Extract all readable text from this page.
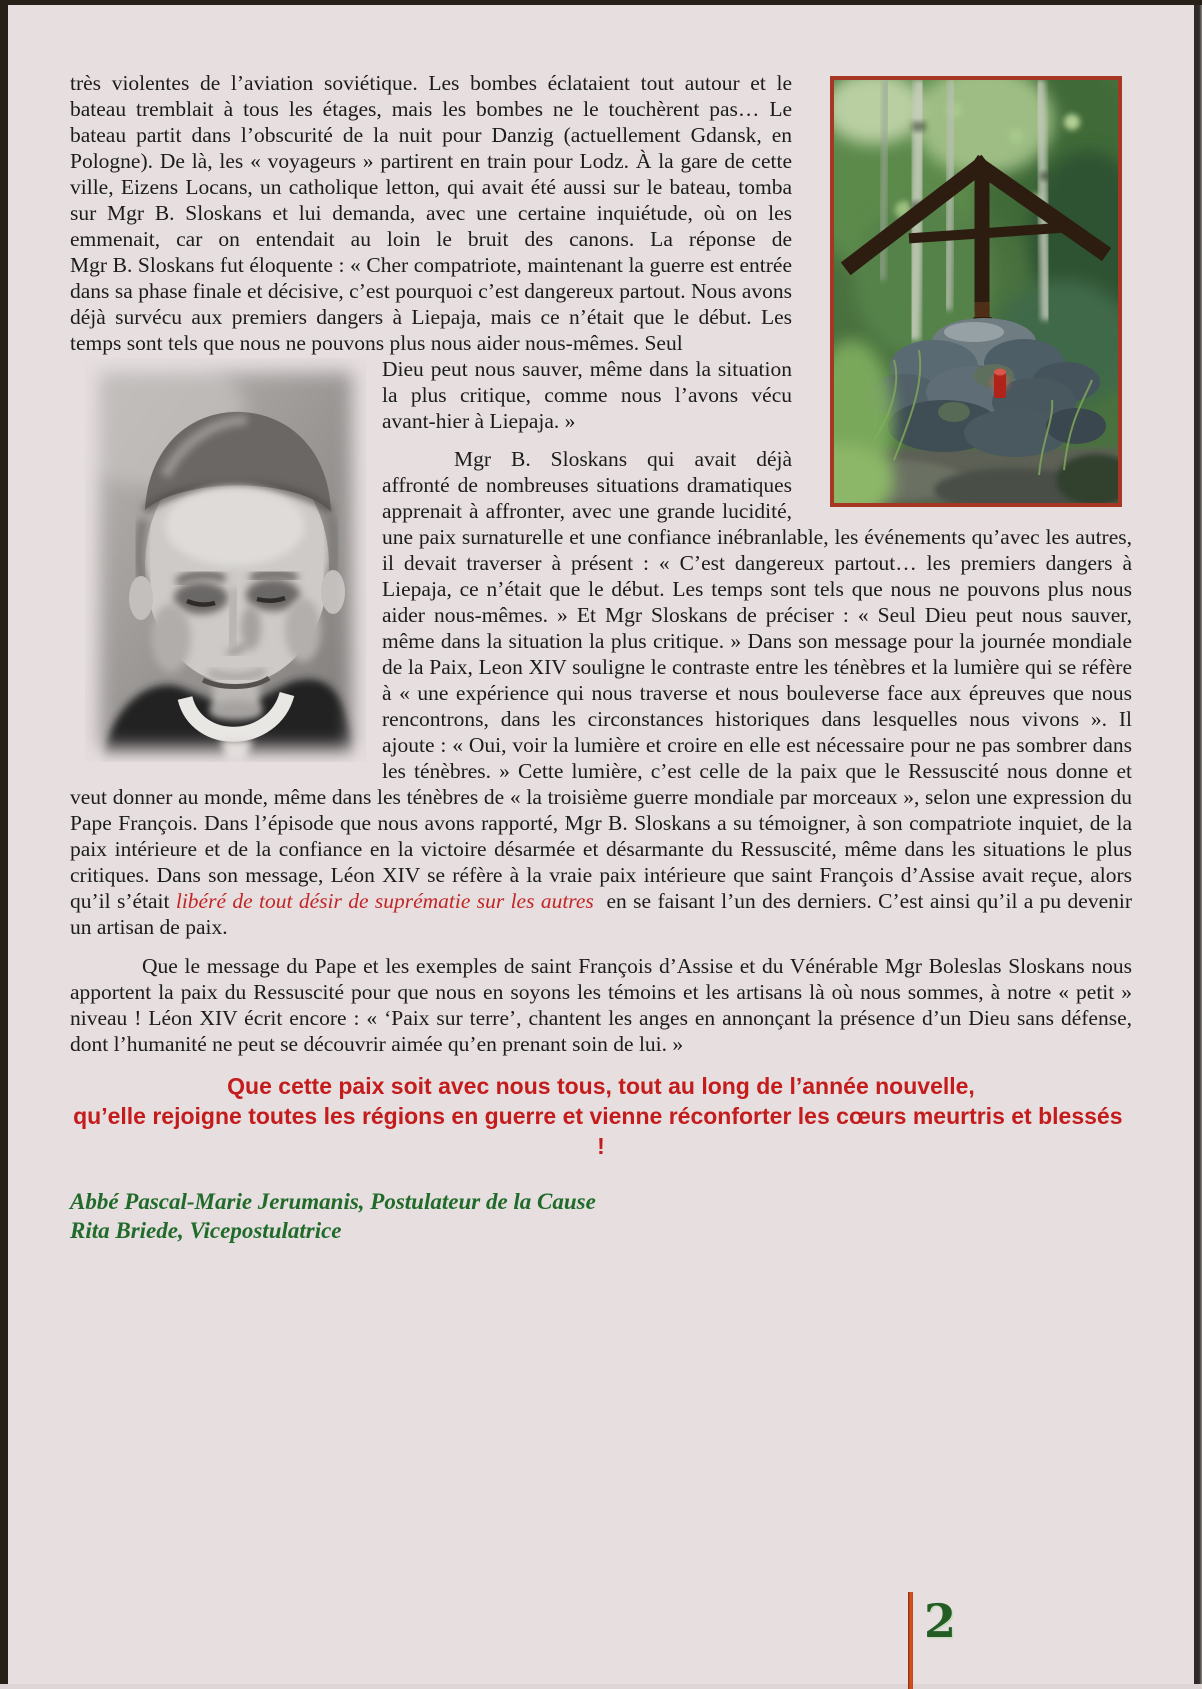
très violentes de l’aviation soviétique. Les bombes éclataient tout autour et le bateau tremblait à tous les étages, mais les bombes ne le touchèrent pas… Le bateau partit dans l’obscurité de la nuit pour Danzig (actuellement Gdansk, en Pologne). De là, les « voyageurs » partirent en train pour Lodz. À la gare de cette ville, Eizens Locans, un catholique letton, qui avait été aussi sur le bateau, tomba sur Mgr B. Sloskans et lui demanda, avec une certaine inquiétude, où on les emmenait, car on entendait au loin le bruit des canons. La réponse de Mgr B. Sloskans fut éloquente : « Cher compatriote, maintenant la guerre est entrée dans sa phase finale et décisive, c’est pourquoi c’est dangereux partout. Nous avons déjà survécu aux premiers dangers à Liepaja, mais ce n’était que le début. Les temps sont tels que nous ne pouvons plus nous aider nous-mêmes. Seul

Dieu peut nous sauver, même dans la situation la plus critique, comme nous l’avons vécu avant-hier à Liepaja. »

Mgr B. Sloskans qui avait déjà affronté de nombreuses situations dramatiques apprenait à affronter, avec une grande lucidité, une paix surnaturelle et une confiance inébranlable, les événements qu’avec les autres, il devait traverser à présent : « C’est dangereux partout… les premiers dangers à Liepaja, ce n’était que le début. Les temps sont tels que nous ne pouvons plus nous aider nous-mêmes. » Et Mgr Sloskans de préciser : « Seul Dieu peut nous sauver, même dans la situation la plus critique. » Dans son message pour la journée mondiale de la Paix, Leon XIV souligne le contraste entre les ténèbres et la lumière qui se réfère à « une expérience qui nous traverse et nous bouleverse face aux épreuves que nous rencontrons, dans les circonstances historiques dans lesquelles nous vivons ». Il ajoute : « Oui, voir la lumière et croire en elle est nécessaire pour ne pas sombrer dans les ténèbres. » Cette lumière, c’est celle de la paix que le Ressuscité nous donne et veut donner au monde, même dans les ténèbres de « la troisième guerre mondiale par morceaux », selon une expression du Pape François. Dans l’épisode que nous avons rapporté, Mgr B. Sloskans a su témoigner, à son compatriote inquiet, de la paix intérieure et de la confiance en la victoire désarmée et désarmante du Ressuscité, même dans les situations le plus critiques. Dans son message, Léon XIV se réfère à la vraie paix intérieure que saint François d’Assise avait reçue, alors qu’il s’était libéré de tout désir de suprématie sur les autres  en se faisant l’un des derniers. C’est ainsi qu’il a pu devenir un artisan de paix.

Que le message du Pape et les exemples de saint François d’Assise et du Vénérable Mgr Boleslas Sloskans nous apportent la paix du Ressuscité pour que nous en soyons les témoins et les artisans là où nous sommes, à notre « petit » niveau ! Léon XIV écrit encore : « ‘Paix sur terre’, chantent les anges en annonçant la présence d’un Dieu sans défense, dont l’humanité ne peut se découvrir aimée qu’en prenant soin de lui. »

Que cette paix soit avec nous tous, tout au long de l’année nouvelle,
qu’elle rejoigne toutes les régions en guerre et vienne réconforter les cœurs meurtris et blessés  !
Abbé Pascal-Marie Jerumanis, Postulateur de la Cause
Rita Briede, Vicepostulatrice
2
